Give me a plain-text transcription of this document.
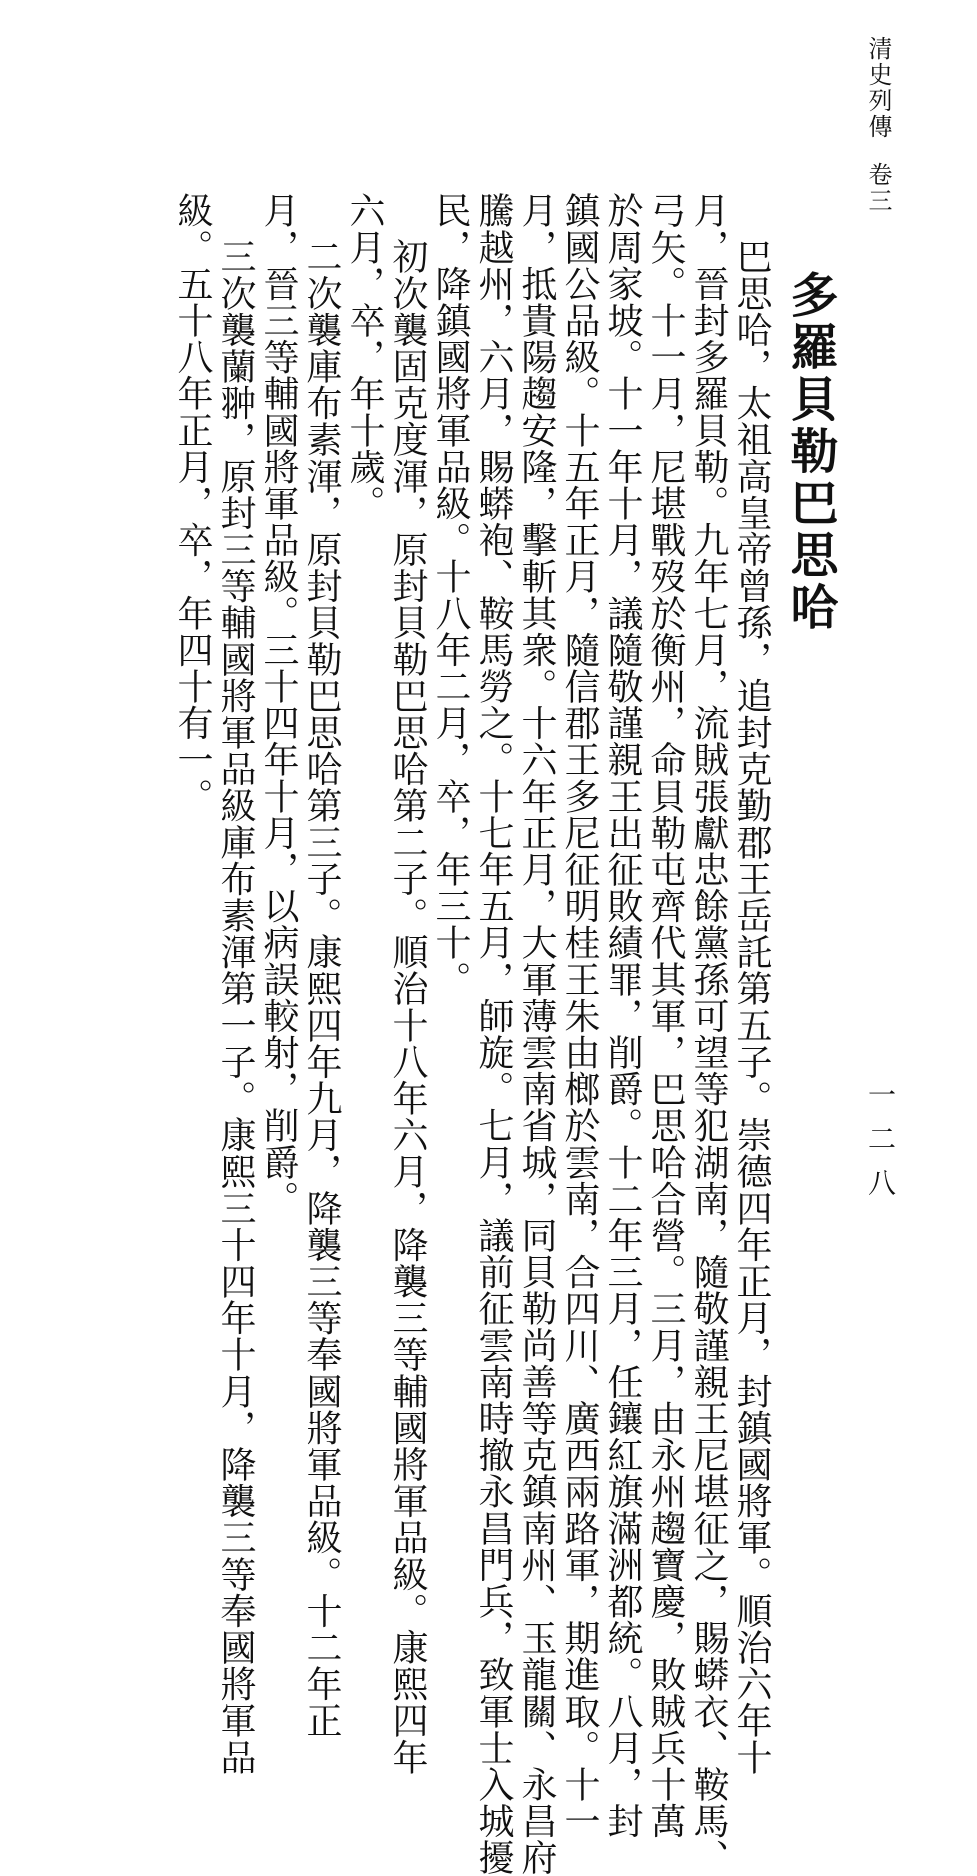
清史列傳卷三
一二八
多羅貝勒巴思哈
巴思哈，太祖高皇帝曾孫，追封克勤郡王岳託第五子。崇德四年正月，封鎮國將軍。順治六年十
月，晉封多羅貝勒。九年七月，流賊張獻忠餘黨孫可望等犯湖南，隨敬謹親王尼堪征之，賜蟒衣、鞍馬、
弓矢。十一月，尼堪戰歿於衡州，命貝勒屯齊代其軍，巴思哈合營。三月，由永州趨寶慶，敗賊兵十萬
於周家坡。十一年十月，議隨敬謹親王出征敗績罪，削爵。十二年三月，任鑲紅旗滿洲都統。八月，封
鎮國公品級。十五年正月，隨信郡王多尼征明桂王朱由榔於雲南，合四川、廣西兩路軍，期進取。十一
月，抵貴陽趨安隆，擊斬其衆。十六年正月，大軍薄雲南省城，同貝勒尚善等克鎮南州、玉龍關、永昌府
騰越州，六月，賜蟒袍、鞍馬勞之。十七年五月，師旋。七月，議前征雲南時撤永昌門兵，致軍士入城擾
民，降鎮國將軍品級。十八年二月，卒，年三十。
初次襲固克度渾，原封貝勒巴思哈第二子。順治十八年六月，降襲三等輔國將軍品級。康熙四年
六月，卒，年十歲。
二次襲庫布素渾，原封貝勒巴思哈第三子。康熙四年九月，降襲三等奉國將軍品級。十二年正
月，晉三等輔國將軍品級。三十四年十月，以病誤較射，削爵。
三次襲蘭翀，原封三等輔國將軍品級庫布素渾第一子。康熙三十四年十月，降襲三等奉國將軍品
級。五十八年正月，卒，年四十有一。
